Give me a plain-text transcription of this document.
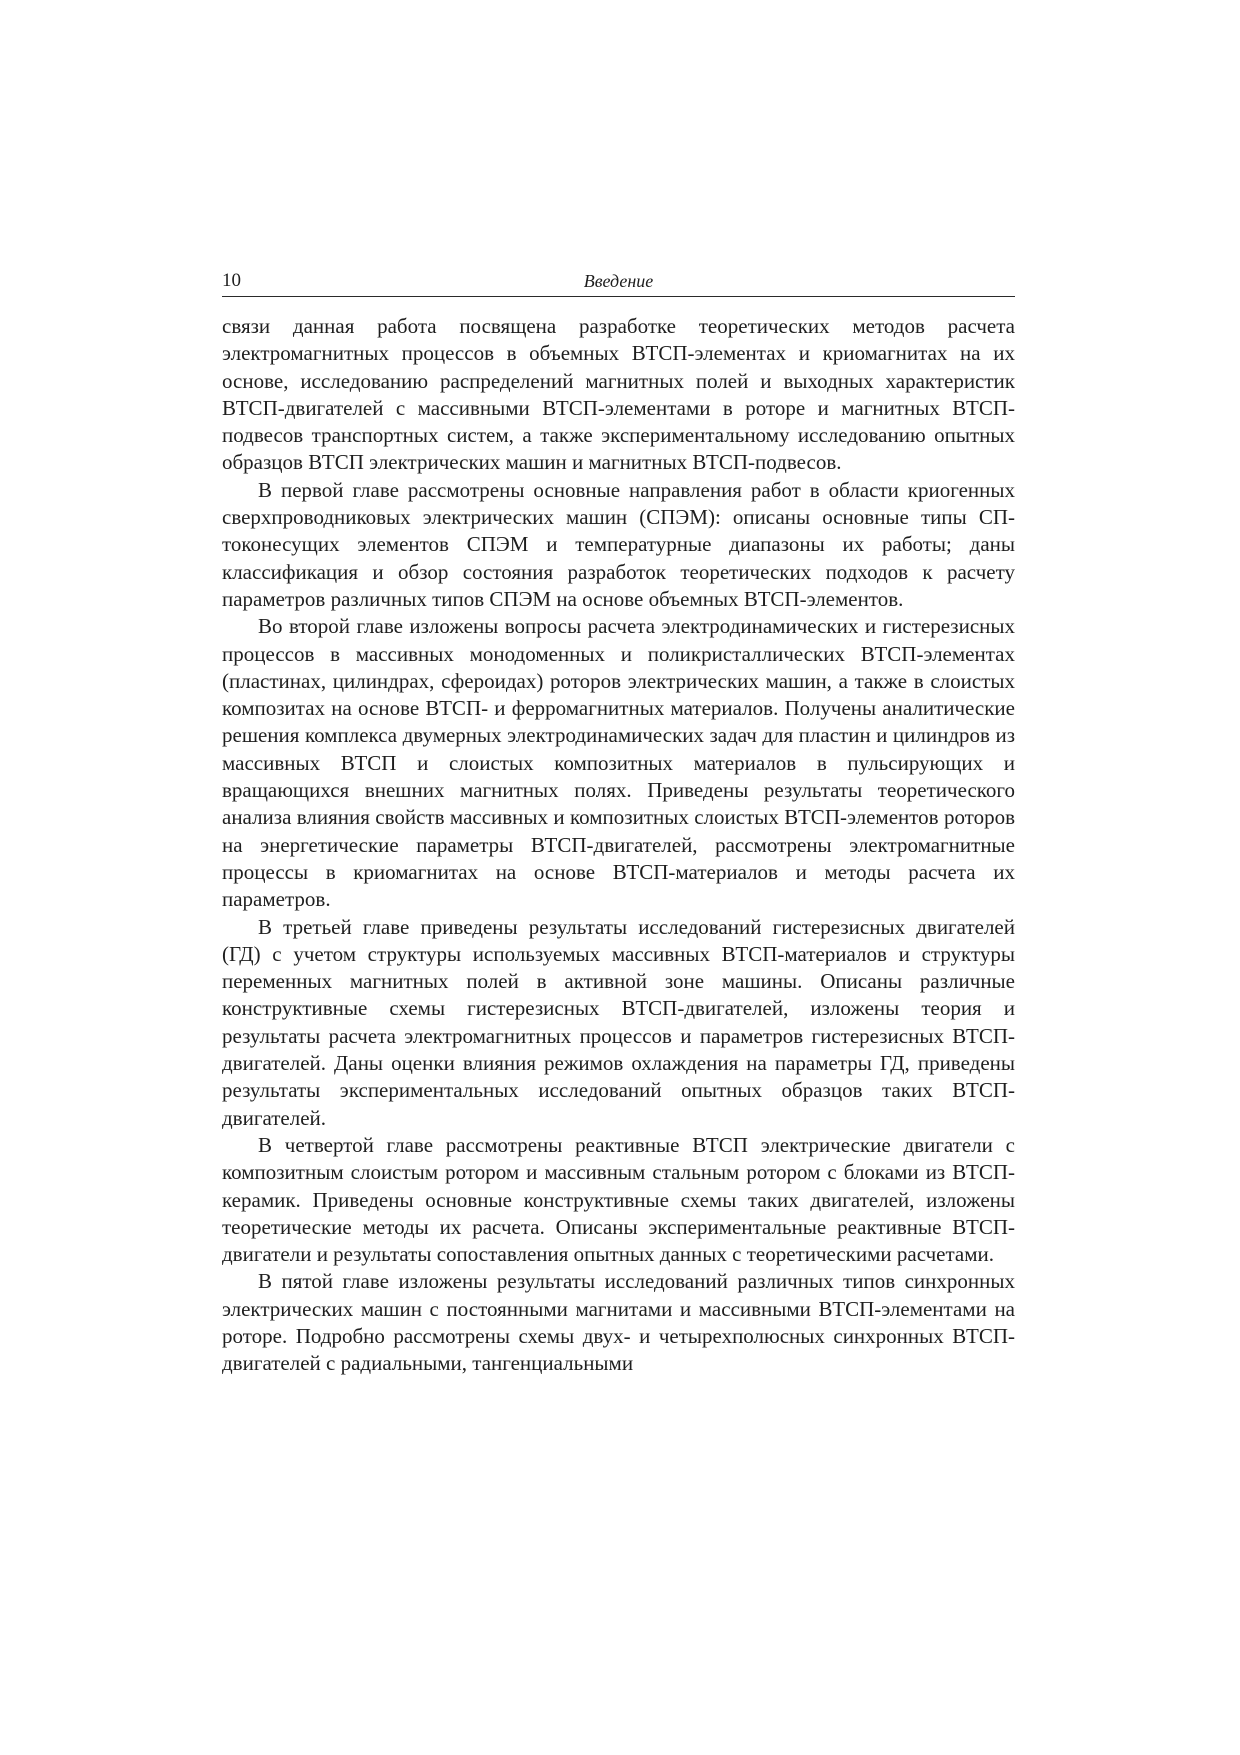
10	Введение

связи данная работа посвящена разработке теоретических методов расчета электромагнитных процессов в объемных ВТСП-элементах и криомагнитах на их основе, исследованию распределений магнитных полей и выходных характеристик ВТСП-двигателей с массивными ВТСП-элементами в роторе и магнитных ВТСП-подвесов транспортных систем, а также экспериментальному исследованию опытных образцов ВТСП электрических машин и магнитных ВТСП-подвесов.

В первой главе рассмотрены основные направления работ в области криогенных сверхпроводниковых электрических машин (СПЭМ): описаны основные типы СП-токонесущих элементов СПЭМ и температурные диапазоны их работы; даны классификация и обзор состояния разработок теоретических подходов к расчету параметров различных типов СПЭМ на основе объемных ВТСП-элементов.

Во второй главе изложены вопросы расчета электродинамических и гистерезисных процессов в массивных монодоменных и поликристаллических ВТСП-элементах (пластинах, цилиндрах, сфероидах) роторов электрических машин, а также в слоистых композитах на основе ВТСП- и ферромагнитных материалов. Получены аналитические решения комплекса двумерных электродинамических задач для пластин и цилиндров из массивных ВТСП и слоистых композитных материалов в пульсирующих и вращающихся внешних магнитных полях. Приведены результаты теоретического анализа влияния свойств массивных и композитных слоистых ВТСП-элементов роторов на энергетические параметры ВТСП-двигателей, рассмотрены электромагнитные процессы в криомагнитах на основе ВТСП-материалов и методы расчета их параметров.

В третьей главе приведены результаты исследований гистерезисных двигателей (ГД) с учетом структуры используемых массивных ВТСП-материалов и структуры переменных магнитных полей в активной зоне машины. Описаны различные конструктивные схемы гистерезисных ВТСП-двигателей, изложены теория и результаты расчета электромагнитных процессов и параметров гистерезисных ВТСП-двигателей. Даны оценки влияния режимов охлаждения на параметры ГД, приведены результаты экспериментальных исследований опытных образцов таких ВТСП-двигателей.

В четвертой главе рассмотрены реактивные ВТСП электрические двигатели с композитным слоистым ротором и массивным стальным ротором с блоками из ВТСП-керамик. Приведены основные конструктивные схемы таких двигателей, изложены теоретические методы их расчета. Описаны экспериментальные реактивные ВТСП-двигатели и результаты сопоставления опытных данных с теоретическими расчетами.

В пятой главе изложены результаты исследований различных типов синхронных электрических машин с постоянными магнитами и массивными ВТСП-элементами на роторе. Подробно рассмотрены схемы двух- и четырехполюсных синхронных ВТСП-двигателей с радиальными, тангенциальными
